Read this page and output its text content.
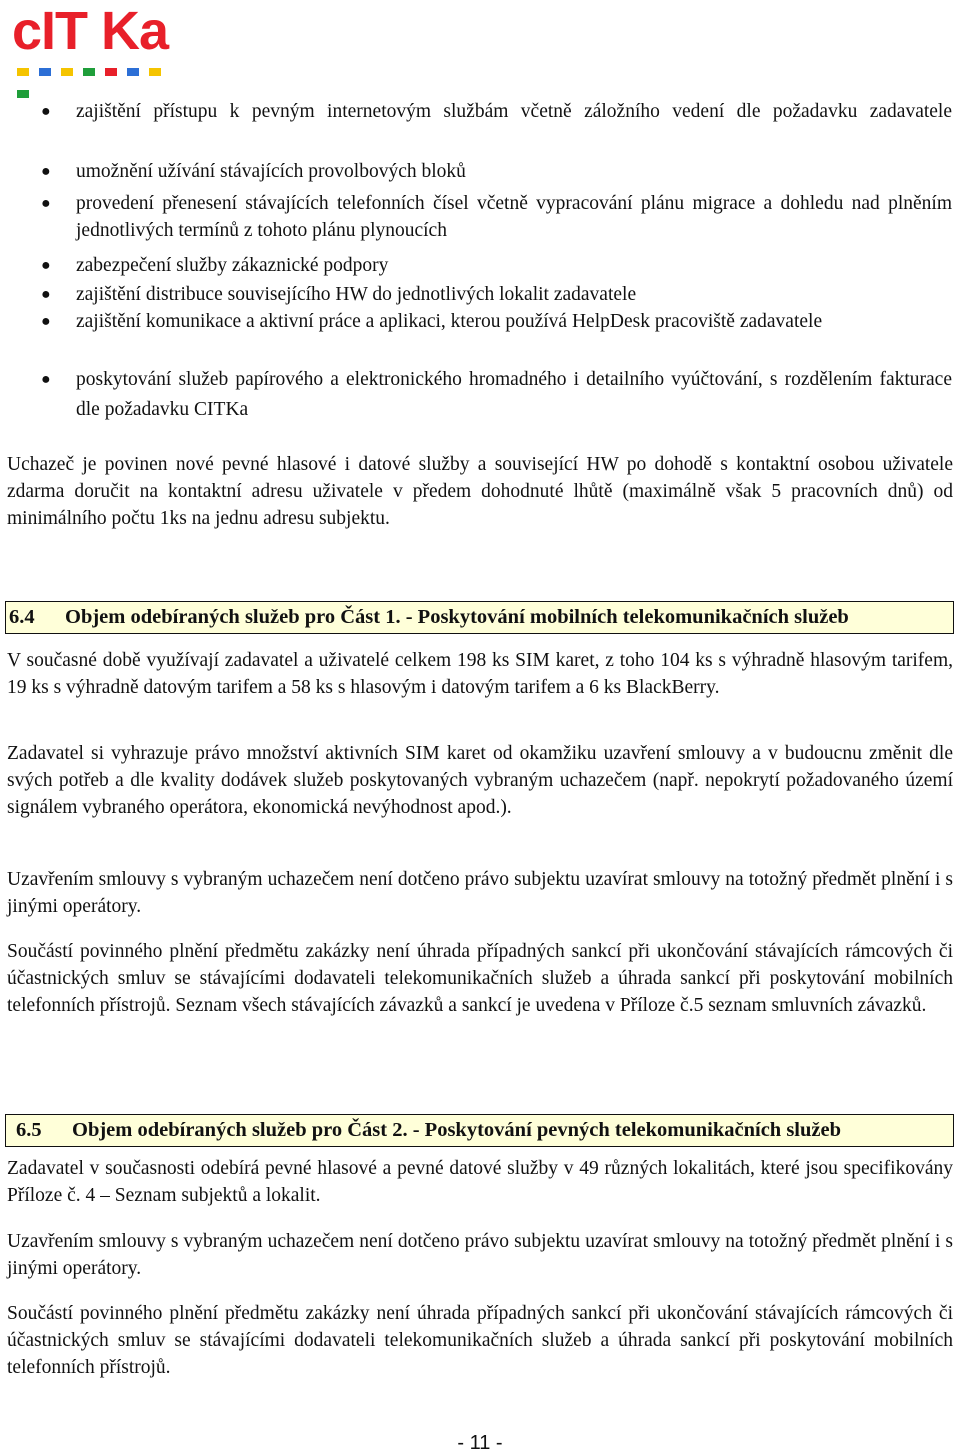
cIT Ka
● zajištění přístupu k pevným internetovým službám včetně záložního vedení dle požadavku zadavatele
● umožnění užívání stávajících provolbových bloků
● provedení přenesení stávajících telefonních čísel včetně vypracování plánu migrace a dohledu nad plněním jednotlivých termínů z tohoto plánu plynoucích
● zabezpečení služby zákaznické podpory
● zajištění distribuce souvisejícího HW do jednotlivých lokalit zadavatele
● zajištění komunikace a aktivní práce a aplikaci, kterou používá HelpDesk pracoviště zadavatele
● poskytování služeb papírového a elektronického hromadného i detailního vyúčtování, s rozdělením fakturace dle požadavku CITKa

Uchazeč je povinen nové pevné hlasové i datové služby a související HW po dohodě s kontaktní osobou uživatele zdarma doručit na kontaktní adresu uživatele v předem dohodnuté lhůtě (maximálně však 5 pracovních dnů) od minimálního počtu 1ks na jednu adresu subjektu.

6.4 Objem odebíraných služeb pro Část 1. - Poskytování mobilních telekomunikačních služeb

V současné době využívají zadavatel a uživatelé celkem 198 ks SIM karet, z toho 104 ks s výhradně hlasovým tarifem, 19 ks s výhradně datovým tarifem a 58 ks s hlasovým i datovým tarifem a 6 ks BlackBerry.

Zadavatel si vyhrazuje právo množství aktivních SIM karet od okamžiku uzavření smlouvy a v budoucnu změnit dle svých potřeb a dle kvality dodávek služeb poskytovaných vybraným uchazečem (např. nepokrytí požadovaného území signálem vybraného operátora, ekonomická nevýhodnost apod.).

Uzavřením smlouvy s vybraným uchazečem není dotčeno právo subjektu uzavírat smlouvy na totožný předmět plnění i s jinými operátory.

Součástí povinného plnění předmětu zakázky není úhrada případných sankcí při ukončování stávajících rámcových či účastnických smluv se stávajícími dodavateli telekomunikačních služeb a úhrada sankcí při poskytování mobilních telefonních přístrojů. Seznam všech stávajících závazků a sankcí je uvedena v Příloze č.5 seznam smluvních závazků.

6.5 Objem odebíraných služeb pro Část 2. - Poskytování pevných telekomunikačních služeb

Zadavatel v současnosti odebírá pevné hlasové a pevné datové služby v 49 různých lokalitách, které jsou specifikovány Příloze č. 4 – Seznam subjektů a lokalit.

Uzavřením smlouvy s vybraným uchazečem není dotčeno právo subjektu uzavírat smlouvy na totožný předmět plnění i s jinými operátory.

Součástí povinného plnění předmětu zakázky není úhrada případných sankcí při ukončování stávajících rámcových či účastnických smluv se stávajícími dodavateli telekomunikačních služeb a úhrada sankcí při poskytování mobilních telefonních přístrojů.

- 11 -
